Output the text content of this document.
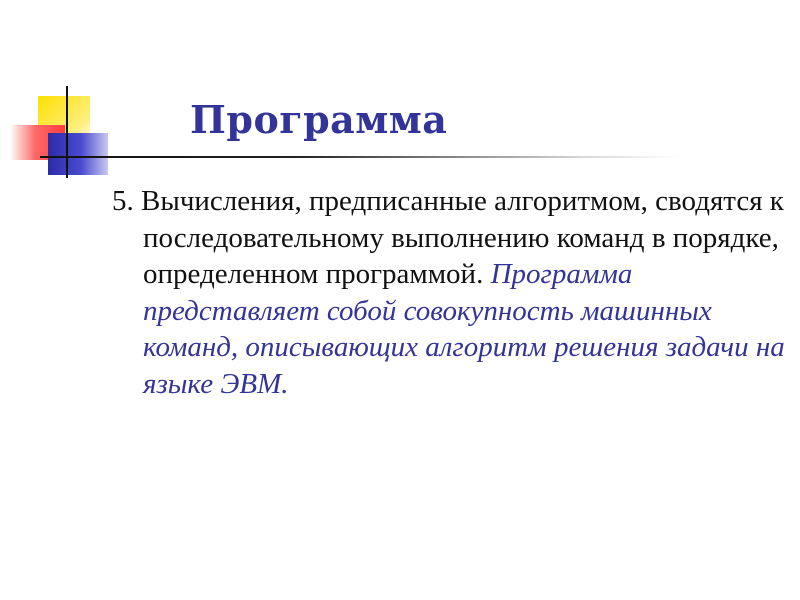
Программа

5. Вычисления, предписанные алгоритмом, сводятся к последовательному выполнению команд в порядке, определенном программой. Программа представляет собой совокупность машинных команд, описывающих алгоритм решения задачи на языке ЭВМ.
